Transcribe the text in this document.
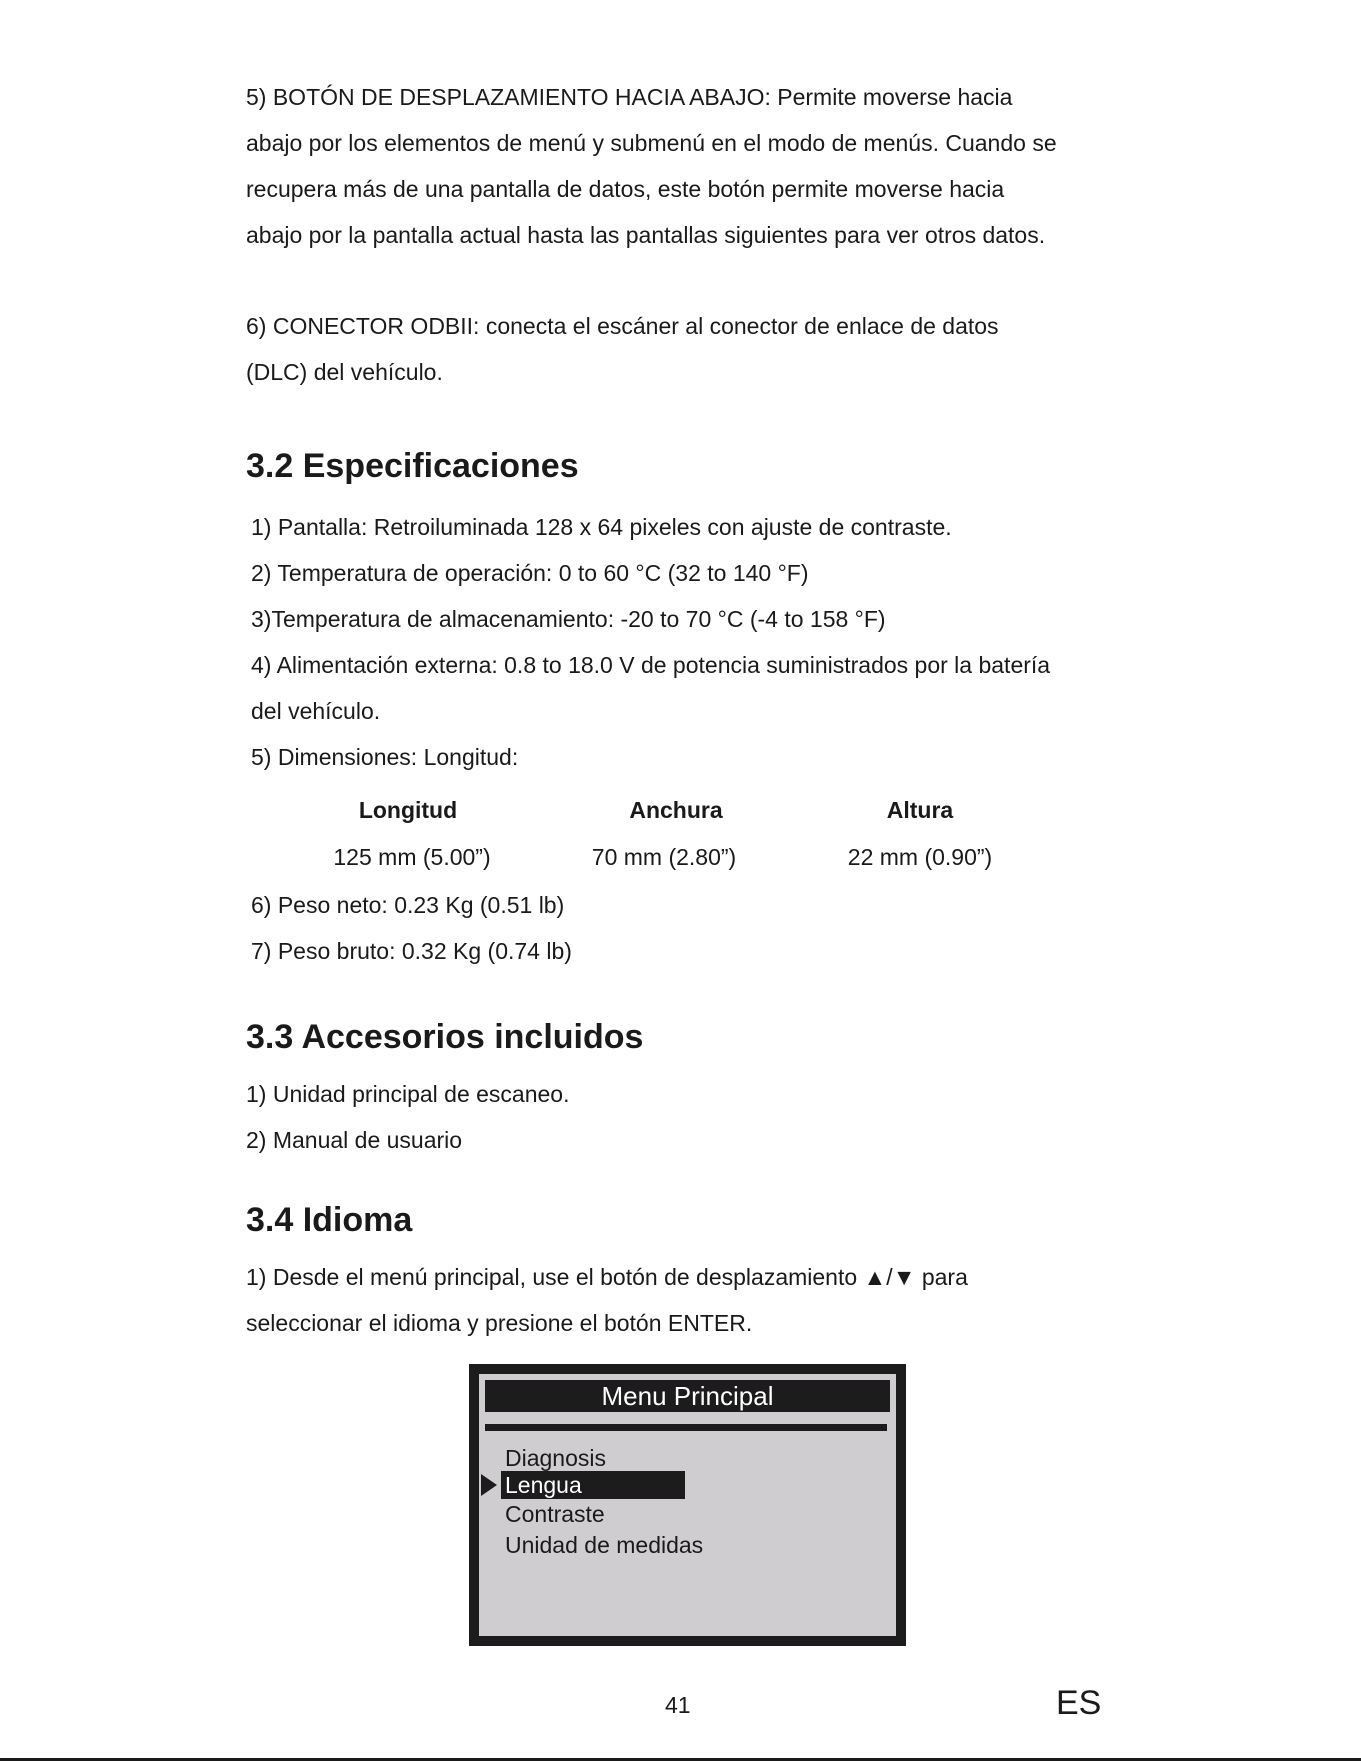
5) BOTÓN DE DESPLAZAMIENTO HACIA ABAJO: Permite moverse hacia

abajo por los elementos de menú y submenú en el modo de menús. Cuando se

recupera más de una pantalla de datos, este botón permite moverse hacia

abajo por la pantalla actual hasta las pantallas siguientes para ver otros datos.

6) CONECTOR ODBII: conecta el escáner al conector de enlace de datos

(DLC) del vehículo.

3.2 Especificaciones

1) Pantalla: Retroiluminada 128 x 64 pixeles con ajuste de contraste.

2) Temperatura de operación: 0 to 60 °C (32 to 140 °F)

3)Temperatura de almacenamiento: -20 to 70 °C (-4 to 158 °F)

4) Alimentación externa: 0.8 to 18.0 V de potencia suministrados por la batería

del vehículo.

5) Dimensiones: Longitud:

Longitud	Anchura	Altura
125 mm (5.00”)	70 mm (2.80”)	22 mm (0.90”)

6) Peso neto: 0.23 Kg (0.51 lb)

7) Peso bruto: 0.32 Kg (0.74 lb)

3.3 Accesorios incluidos

1) Unidad principal de escaneo.

2) Manual de usuario

3.4 Idioma

1) Desde el menú principal, use el botón de desplazamiento ▲/▼ para

seleccionar el idioma y presione el botón ENTER.

Menu Principal
Diagnosis
Lengua
Contraste
Unidad de medidas
41	ES
